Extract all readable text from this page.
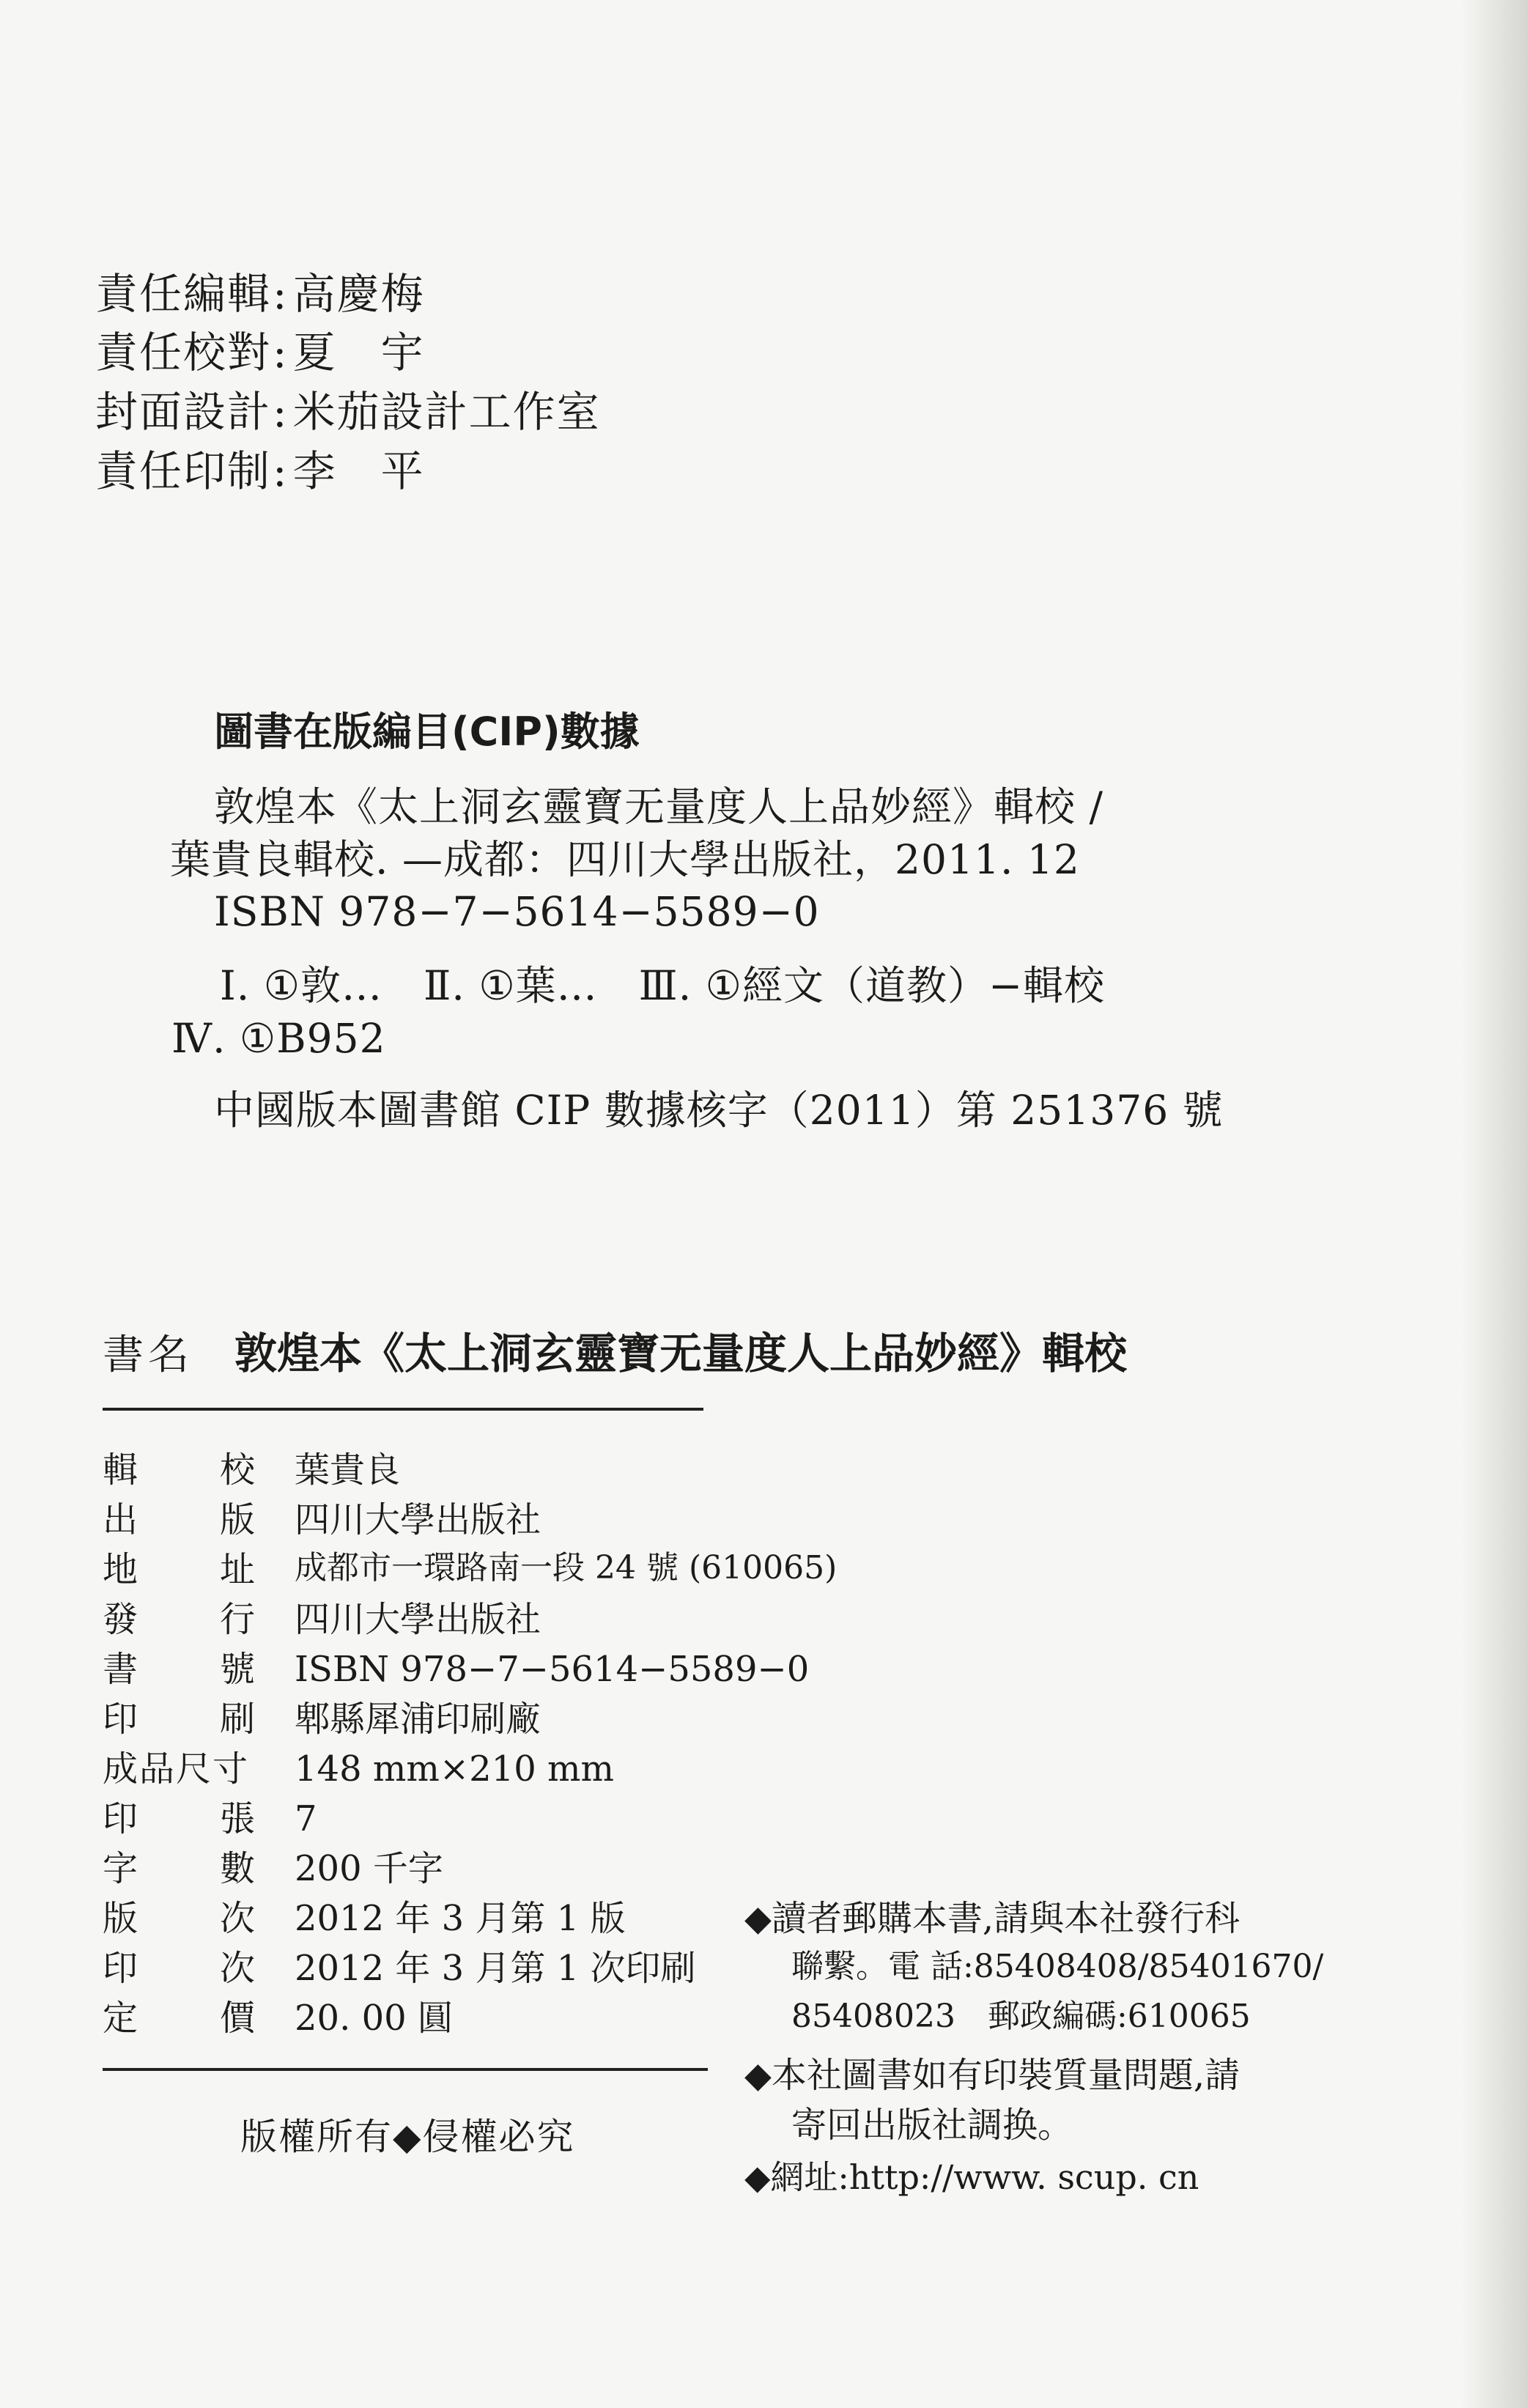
責任編輯: 高慶梅
責任校對: 夏　宇
封面設計: 米茄設計工作室
責任印制: 李　平
圖書在版編目(CIP)數據
敦煌本《太上洞玄靈寶无量度人上品妙經》輯校 /
葉貴良輯校. —成都：四川大學出版社，2011. 12
ISBN 978−7−5614−5589−0
Ⅰ. ①敦…　Ⅱ. ①葉…　Ⅲ. ①經文（道教）−輯校
Ⅳ. ①B952
中國版本圖書館 CIP 數據核字（2011）第 251376 號
書名 敦煌本《太上洞玄靈寶无量度人上品妙經》輯校
輯 校 葉貴良
出 版 四川大學出版社
地 址 成都市一環路南一段 24 號 (610065)
發 行 四川大學出版社
書 號 ISBN 978−7−5614−5589−0
印 刷 郫縣犀浦印刷廠
成品尺寸 148 mm×210 mm
印 張 7
字 數 200 千字
版 次 2012 年 3 月第 1 版
印 次 2012 年 3 月第 1 次印刷
定 價 20. 00 圓
版權所有◆侵權必究
◆讀者郵購本書,請與本社發行科
聯繫。電 話:85408408/85401670/
85408023　郵政編碼:610065
◆本社圖書如有印裝質量問題,請
寄回出版社調换。
◆網址:http://www. scup. cn
